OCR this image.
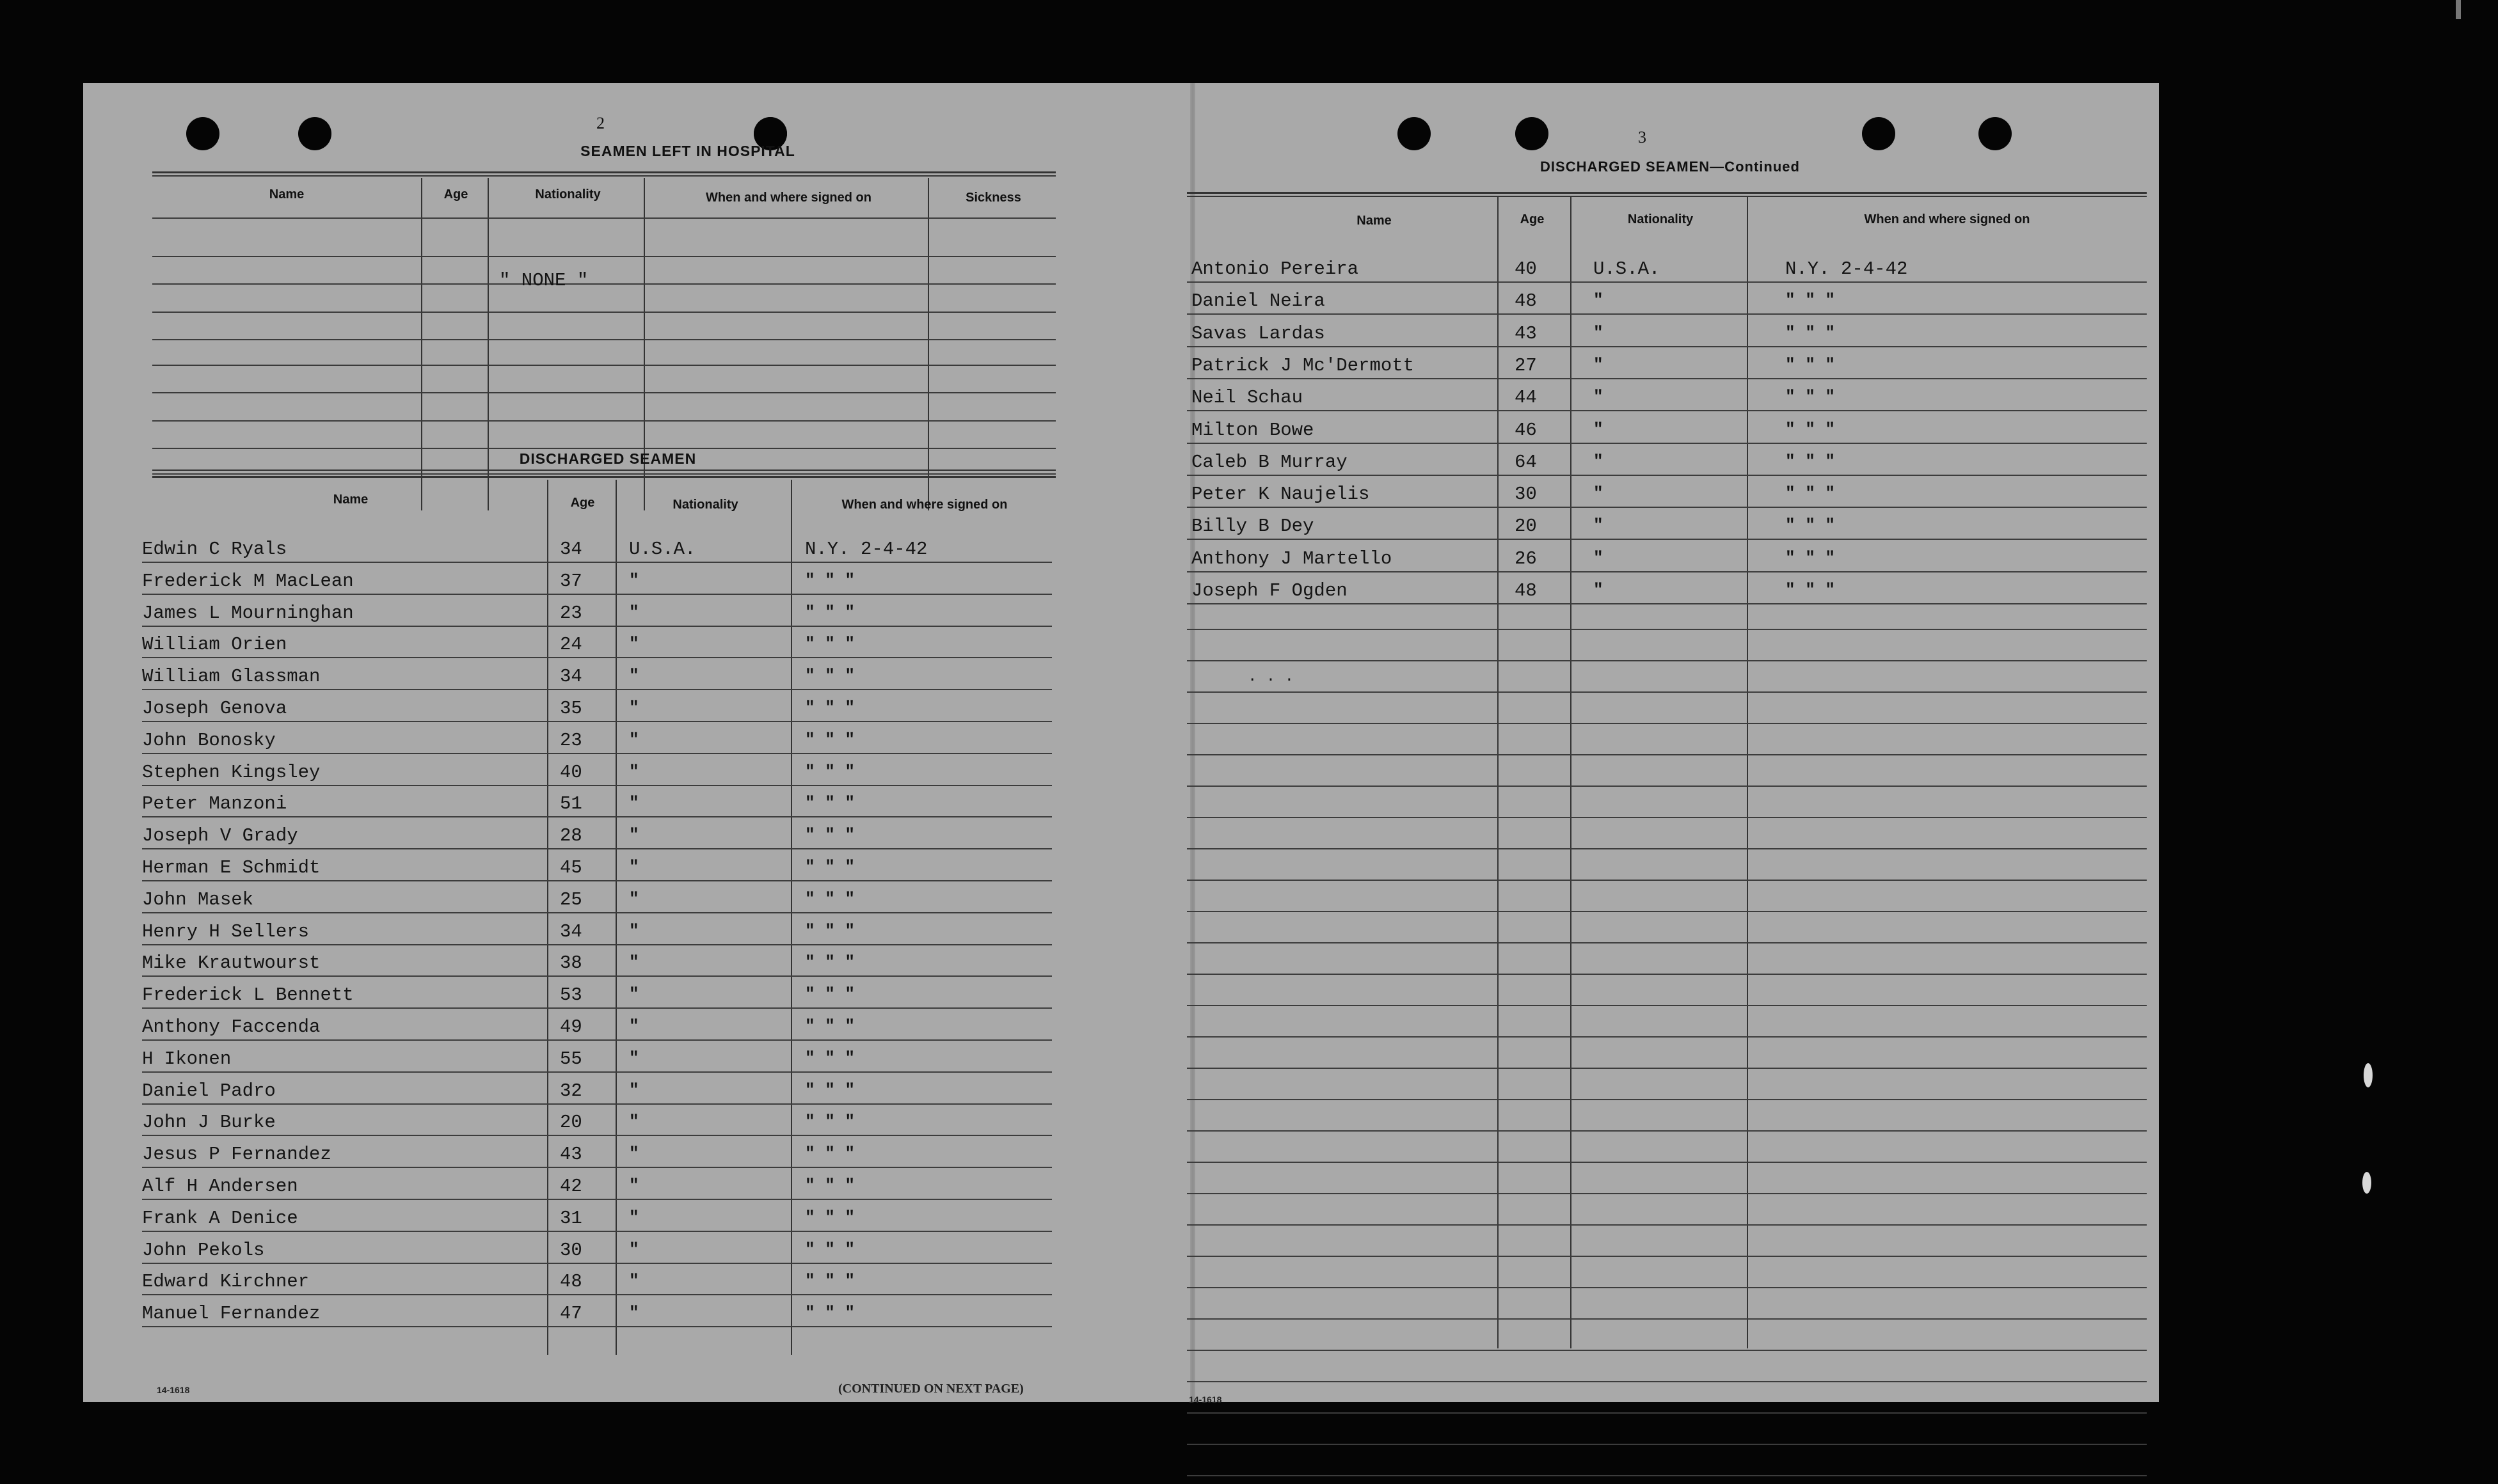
2
SEAMEN LEFT IN HOSPITAL
Name	Age	Nationality	When and where signed on	Sickness
" NONE "
DISCHARGED SEAMEN
Name	Age	Nationality	When and where signed on
Edwin C Ryals	34	U.S.A.	N.Y. 2-4-42
Frederick M MacLean	37	"	" " "
James L Mourninghan	23	"	" " "
William Orien	24	"	" " "
William Glassman	34	"	" " "
Joseph Genova	35	"	" " "
John Bonosky	23	"	" " "
Stephen Kingsley	40	"	" " "
Peter Manzoni	51	"	" " "
Joseph V Grady	28	"	" " "
Herman E Schmidt	45	"	" " "
John Masek	25	"	" " "
Henry H Sellers	34	"	" " "
Mike Krautwourst	38	"	" " "
Frederick L Bennett	53	"	" " "
Anthony Faccenda	49	"	" " "
H Ikonen	55	"	" " "
Daniel Padro	32	"	" " "
John J Burke	20	"	" " "
Jesus P Fernandez	43	"	" " "
Alf H Andersen	42	"	" " "
Frank A Denice	31	"	" " "
John Pekols	30	"	" " "
Edward Kirchner	48	"	" " "
Manuel Fernandez	47	"	" " "
14-1618	(CONTINUED ON NEXT PAGE)
3
DISCHARGED SEAMEN—Continued
Name	Age	Nationality	When and where signed on
Antonio Pereira	40	U.S.A.	N.Y. 2-4-42
Daniel Neira	48	"	" " "
Savas Lardas	43	"	" " "
Patrick J Mc'Dermott	27	"	" " "
Neil Schau	44	"	" " "
Milton Bowe	46	"	" " "
Caleb B Murray	64	"	" " "
Peter K Naujelis	30	"	" " "
Billy B Dey	20	"	" " "
Anthony J Martello	26	"	" " "
Joseph F Ogden	48	"	" " "
. . .
14-1618
